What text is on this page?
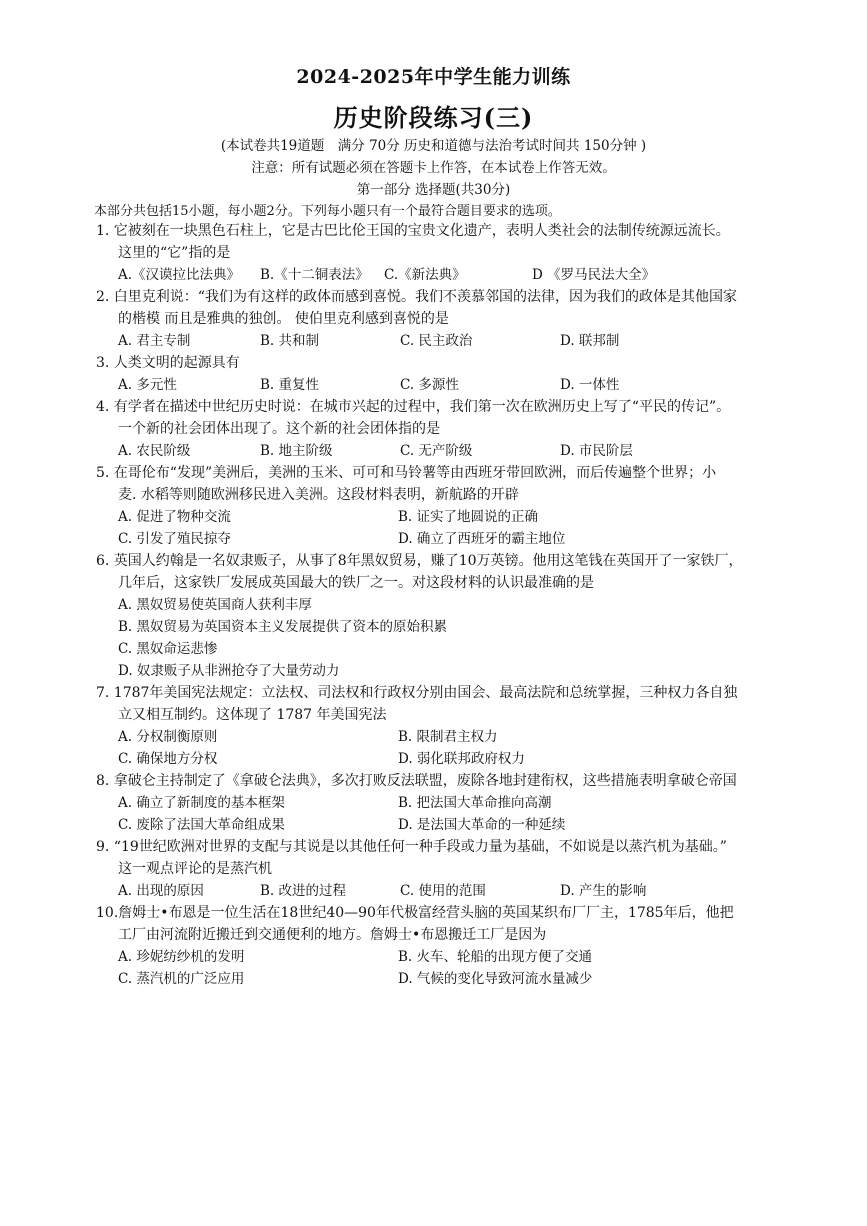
2024-2025年中学生能力训练
历史阶段练习(三)
(本试卷共19道题　满分 70分 历史和道德与法治考试时间共 150分钟 )
注意：所有试题必须在答题卡上作答，在本试卷上作答无效。
第一部分 选择题(共30分)
本部分共包括15小题，每小题2分。下列每小题只有一个最符合题目要求的选项。
1. 它被刻在一块黑色石柱上，它是古巴比伦王国的宝贵文化遗产，表明人类社会的法制传统源远流长。
这里的“它”指的是
A.《汉谟拉比法典》 B.《十二铜表法》 C.《新法典》	D 《罗马民法大全》
2. 白里克利说：“我们为有这样的政体而感到喜悦。我们不羡慕邻国的法律，因为我们的政体是其他国家
的楷模 而且是雅典的独创。 使伯里克利感到喜悦的是
A. 君主专制	B. 共和制	C. 民主政治	D. 联邦制
3. 人类文明的起源具有
A. 多元性	B. 重复性	C. 多源性	D. 一体性
4. 有学者在描述中世纪历史时说：在城市兴起的过程中，我们第一次在欧洲历史上写了“平民的传记”。
一个新的社会团体出现了。这个新的社会团体指的是
A. 农民阶级	B. 地主阶级	C. 无产阶级	D. 市民阶层
5. 在哥伦布“发现”美洲后，美洲的玉米、可可和马铃薯等由西班牙带回欧洲，而后传遍整个世界；小
麦. 水稻等则随欧洲移民进入美洲。这段材料表明，新航路的开辟
A. 促进了物种交流	B. 证实了地圆说的正确
C. 引发了殖民掠夺	D. 确立了西班牙的霸主地位
6. 英国人约翰是一名奴隶贩子，从事了8年黑奴贸易，赚了10万英镑。他用这笔钱在英国开了一家铁厂，
几年后，这家铁厂发展成英国最大的铁厂之一。对这段材料的认识最准确的是
A. 黑奴贸易使英国商人获利丰厚
B. 黑奴贸易为英国资本主义发展提供了资本的原始积累
C. 黑奴命运悲惨
D. 奴隶贩子从非洲抢夺了大量劳动力
7. 1787年美国宪法规定：立法权、司法权和行政权分别由国会、最高法院和总统掌握，三种权力各自独
立又相互制约。这体现了 1787 年美国宪法
A. 分权制衡原则	B. 限制君主权力
C. 确保地方分权	D. 弱化联邦政府权力
8. 拿破仑主持制定了《拿破仑法典》，多次打败反法联盟，废除各地封建衔权，这些措施表明拿破仑帝国
A. 确立了新制度的基本框架	B. 把法国大革命推向高潮
C. 废除了法国大革命组成果	D. 是法国大革命的一种延续
9. “19世纪欧洲对世界的支配与其说是以其他任何一种手段或力量为基础，不如说是以蒸汽机为基础。”
这一观点评论的是蒸汽机
A. 出现的原因	B. 改进的过程	C. 使用的范围	D. 产生的影响
10.詹姆士•布恩是一位生活在18世纪40—90年代极富经营头脑的英国某织布厂厂主，1785年后，他把
工厂由河流附近搬迁到交通便利的地方。詹姆士•布恩搬迁工厂是因为
A. 珍妮纺纱机的发明	B. 火车、轮船的出现方便了交通
C. 蒸汽机的广泛应用	D. 气候的变化导致河流水量减少
